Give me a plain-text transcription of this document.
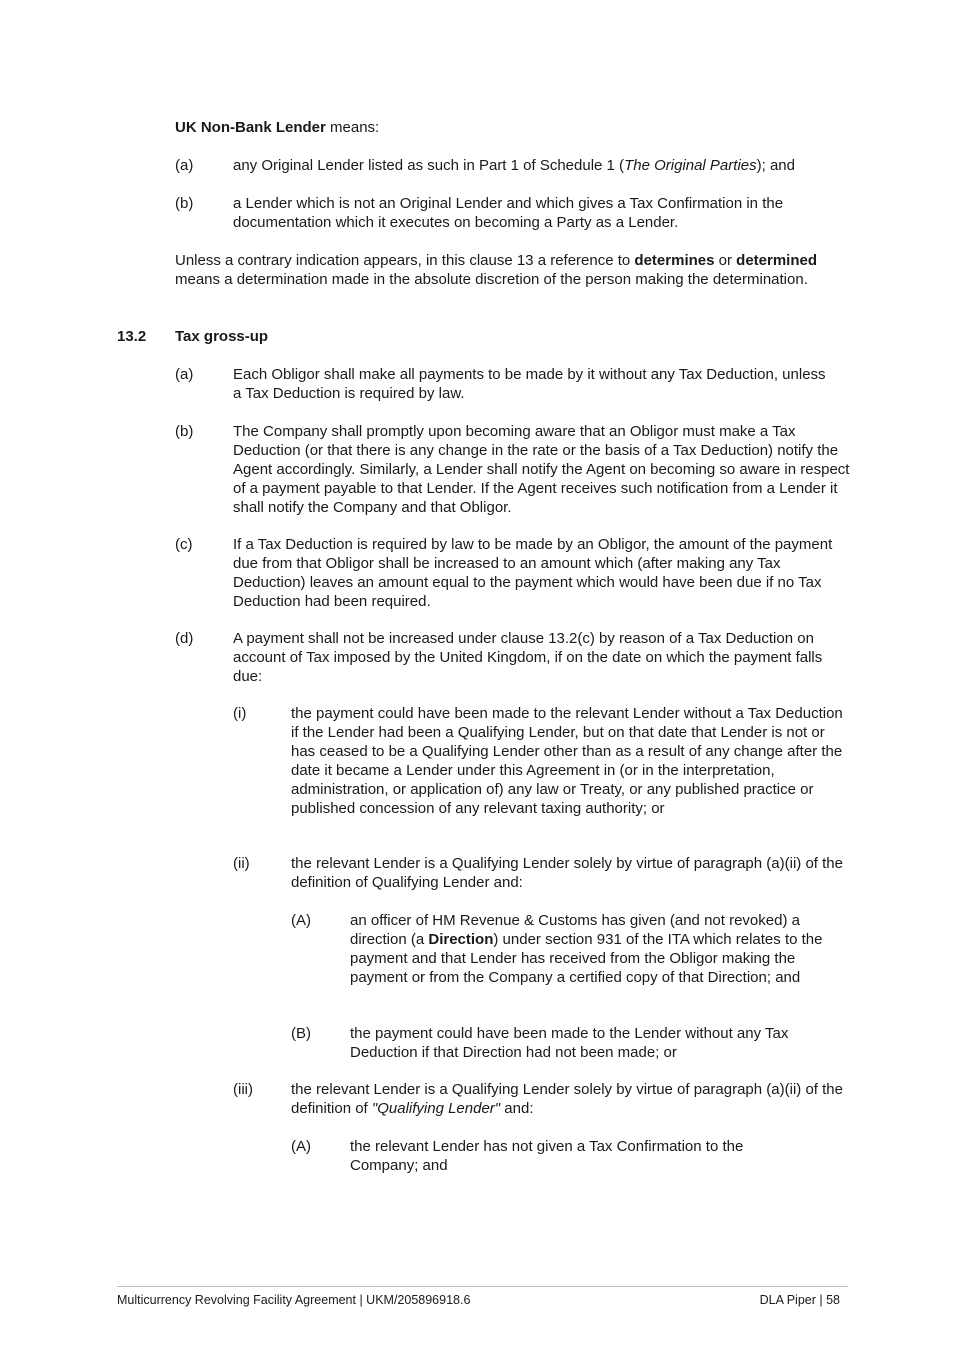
UK Non-Bank Lender means:
(a)	any Original Lender listed as such in Part 1 of Schedule 1 (The Original Parties); and
(b)	a Lender which is not an Original Lender and which gives a Tax Confirmation in the documentation which it executes on becoming a Party as a Lender.
Unless a contrary indication appears, in this clause 13 a reference to determines or determined means a determination made in the absolute discretion of the person making the determination.
13.2 Tax gross-up
(a)	Each Obligor shall make all payments to be made by it without any Tax Deduction, unless a Tax Deduction is required by law.
(b)	The Company shall promptly upon becoming aware that an Obligor must make a Tax Deduction (or that there is any change in the rate or the basis of a Tax Deduction) notify the Agent accordingly. Similarly, a Lender shall notify the Agent on becoming so aware in respect of a payment payable to that Lender. If the Agent receives such notification from a Lender it shall notify the Company and that Obligor.
(c)	If a Tax Deduction is required by law to be made by an Obligor, the amount of the payment due from that Obligor shall be increased to an amount which (after making any Tax Deduction) leaves an amount equal to the payment which would have been due if no Tax Deduction had been required.
(d)	A payment shall not be increased under clause 13.2(c) by reason of a Tax Deduction on account of Tax imposed by the United Kingdom, if on the date on which the payment falls due:
(i)	the payment could have been made to the relevant Lender without a Tax Deduction if the Lender had been a Qualifying Lender, but on that date that Lender is not or has ceased to be a Qualifying Lender other than as a result of any change after the date it became a Lender under this Agreement in (or in the interpretation, administration, or application of) any law or Treaty, or any published practice or published concession of any relevant taxing authority; or
(ii)	the relevant Lender is a Qualifying Lender solely by virtue of paragraph (a)(ii) of the definition of Qualifying Lender and:
(A)	an officer of HM Revenue & Customs has given (and not revoked) a direction (a Direction) under section 931 of the ITA which relates to the payment and that Lender has received from the Obligor making the payment or from the Company a certified copy of that Direction; and
(B)	the payment could have been made to the Lender without any Tax Deduction if that Direction had not been made; or
(iii)	the relevant Lender is a Qualifying Lender solely by virtue of paragraph (a)(ii) of the definition of "Qualifying Lender" and:
(A)	the relevant Lender has not given a Tax Confirmation to the Company; and
Multicurrency Revolving Facility Agreement | UKM/205896918.6	DLA Piper | 58
